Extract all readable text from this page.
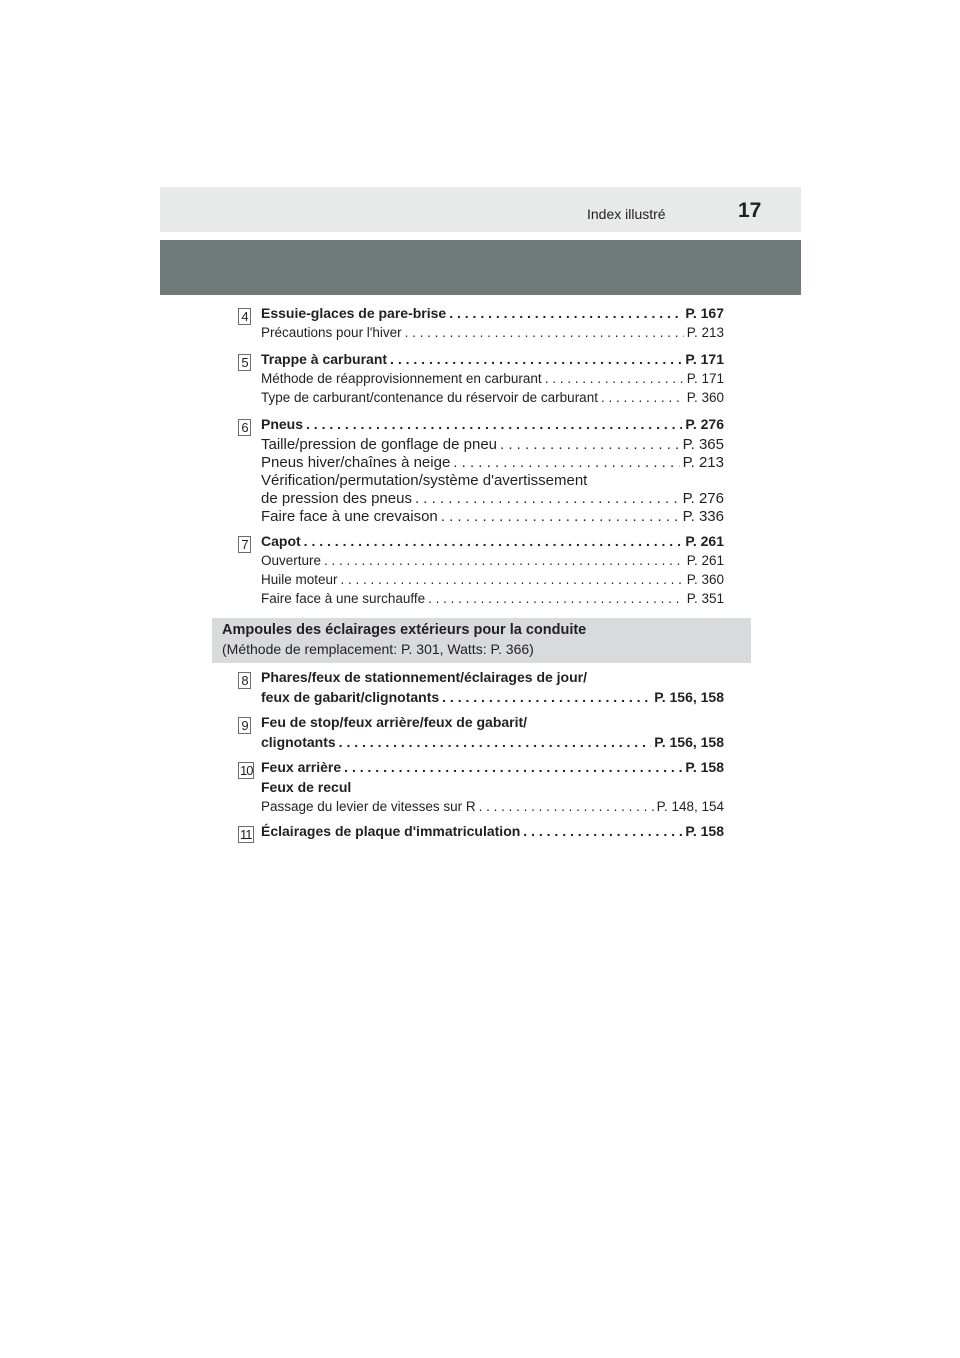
Index illustré	17
4 Essuie-glaces de pare-brise . . .	P. 167
Précautions pour l'hiver . . .	P. 213
5 Trappe à carburant . . .	P. 171
Méthode de réapprovisionnement en carburant . . .	P. 171
Type de carburant/contenance du réservoir de carburant . . .	P. 360
6 Pneus . . .	P. 276
Taille/pression de gonflage de pneu . . .	P. 365
Pneus hiver/chaînes à neige . . .	P. 213
Vérification/permutation/système d'avertissement
de pression des pneus . . .	P. 276
Faire face à une crevaison . . .	P. 336
7 Capot . . .	P. 261
Ouverture . . .	P. 261
Huile moteur . . .	P. 360
Faire face à une surchauffe . . .	P. 351
Ampoules des éclairages extérieurs pour la conduite
(Méthode de remplacement: P. 301, Watts: P. 366)
8 Phares/feux de stationnement/éclairages de jour/
feux de gabarit/clignotants . . .	P. 156, 158
9 Feu de stop/feux arrière/feux de gabarit/
clignotants . . .	P. 156, 158
10 Feux arrière . . .	P. 158
Feux de recul
Passage du levier de vitesses sur R . . .	P. 148, 154
11 Éclairages de plaque d'immatriculation . . .	P. 158
